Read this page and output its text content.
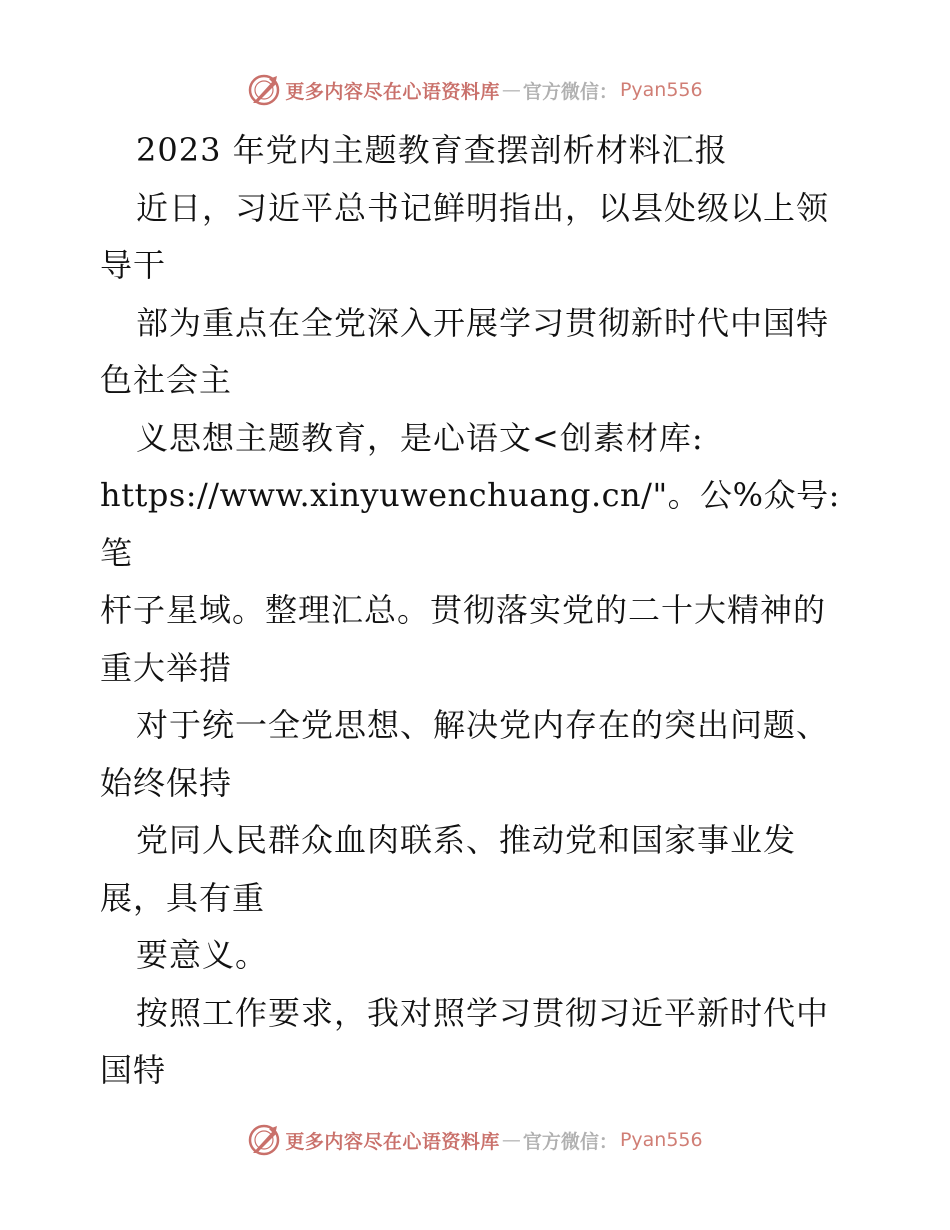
更多内容尽在心语资料库 — 官方微信： Pyan556

2023 年党内主题教育查摆剖析材料汇报

近日，习近平总书记鲜明指出，以县处级以上领

导干

部为重点在全党深入开展学习贯彻新时代中国特

色社会主

义思想主题教育，是心语文<创素材库:

https://www.xinyuwenchuang.cn/"。公%众号: 笔

杆子星域。整理汇总。贯彻落实党的二十大精神的

重大举措

对于统一全党思想、解决党内存在的突出问题、

始终保持

党同人民群众血肉联系、推动党和国家事业发

展，具有重

要意义。

按照工作要求，我对照学习贯彻习近平新时代中

国特

更多内容尽在心语资料库 — 官方微信： Pyan556
